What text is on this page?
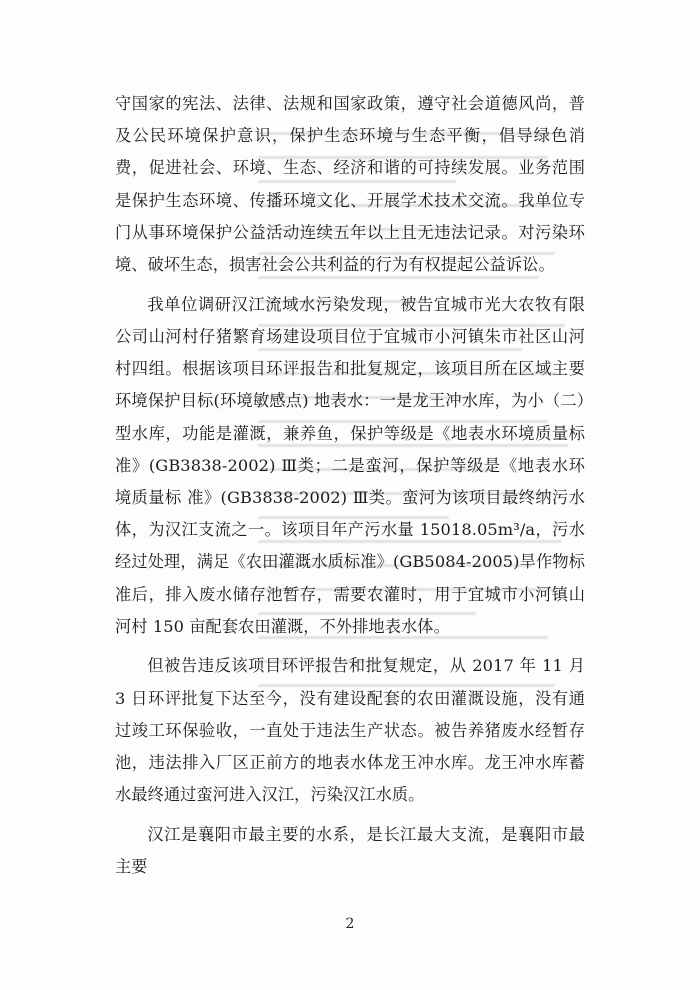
守国家的宪法、法律、法规和国家政策，遵守社会道德风尚，普及公民环境保护意识，保护生态环境与生态平衡，倡导绿色消费，促进社会、环境、生态、经济和谐的可持续发展。业务范围是保护生态环境、传播环境文化、开展学术技术交流。我单位专门从事环境保护公益活动连续五年以上且无违法记录。对污染环境、破坏生态，损害社会公共利益的行为有权提起公益诉讼。

我单位调研汉江流域水污染发现，被告宜城市光大农牧有限公司山河村仔猪繁育场建设项目位于宜城市小河镇朱市社区山河村四组。根据该项目环评报告和批复规定，该项目所在区域主要环境保护目标(环境敏感点) 地表水：一是龙王冲水库，为小（二）型水库，功能是灌溉，兼养鱼，保护等级是《地表水环境质量标 准》(GB3838-2002) Ⅲ类；二是蛮河，保护等级是《地表水环境质量标 准》(GB3838-2002) Ⅲ类。蛮河为该项目最终纳污水体，为汉江支流之一。该项目年产污水量 15018.05m³/a，污水经过处理，满足《农田灌溉水质标准》(GB5084-2005)旱作物标准后，排入废水储存池暂存，需要农灌时，用于宜城市小河镇山河村 150 亩配套农田灌溉，不外排地表水体。

但被告违反该项目环评报告和批复规定，从 2017 年 11 月 3 日环评批复下达至今，没有建设配套的农田灌溉设施，没有通过竣工环保验收，一直处于违法生产状态。被告养猪废水经暂存池，违法排入厂区正前方的地表水体龙王冲水库。龙王冲水库蓄水最终通过蛮河进入汉江，污染汉江水质。

汉江是襄阳市最主要的水系，是长江最大支流，是襄阳市最主要

2
